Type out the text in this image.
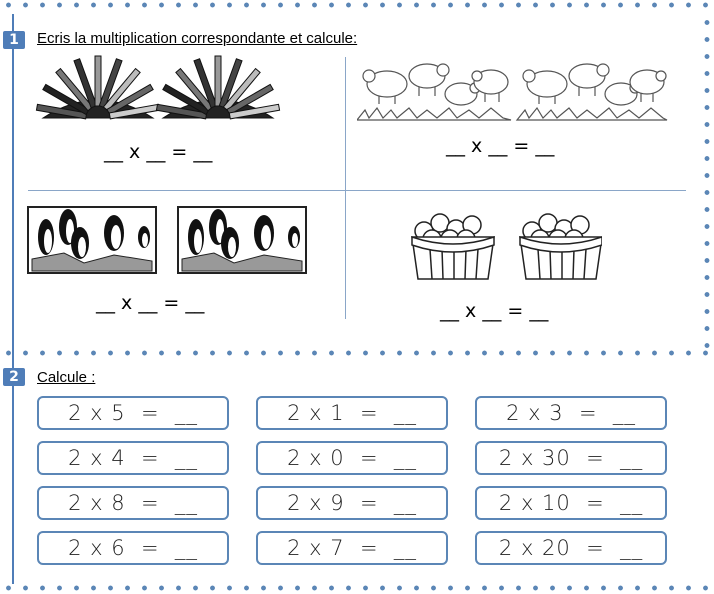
1	Ecris la multiplication correspondante et calcule:
__ x __ = __	__ x __ = __
__ x __ = __	__ x __ = __
2	Calcule :
2 x 5  =  __	2 x 1  =  __	2 x 3  =  __
2 x 4  =  __	2 x 0  =  __	2 x 30  =  __
2 x 8  =  __	2 x 9  =  __	2 x 10  =  __
2 x 6  =  __	2 x 7  =  __	2 x 20  =  __
